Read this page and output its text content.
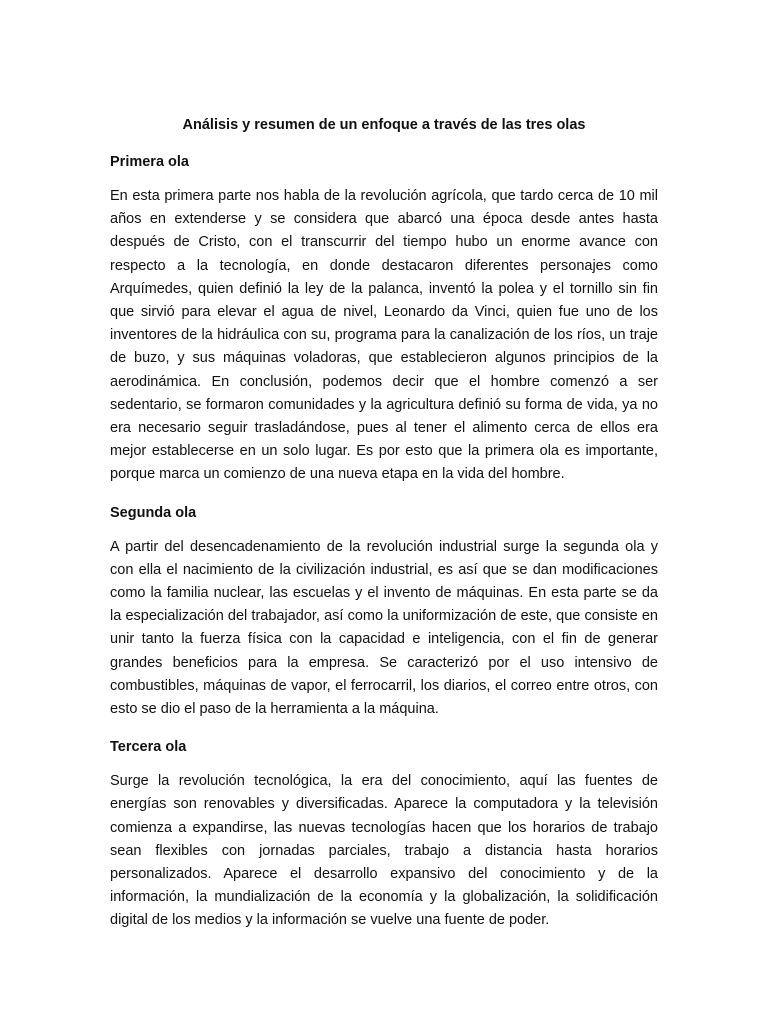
Análisis y resumen de un enfoque a través de las tres olas
Primera ola

En esta primera parte nos habla de la revolución agrícola, que tardo cerca de 10 mil años en extenderse y se considera que abarcó una época desde antes hasta después de Cristo, con el transcurrir del tiempo hubo un enorme avance con respecto a la tecnología, en donde destacaron diferentes personajes como Arquímedes, quien definió la ley de la palanca, inventó la polea y el tornillo sin fin que sirvió para elevar el agua de nivel, Leonardo da Vinci, quien fue uno de los inventores de la hidráulica con su, programa para la canalización de los ríos, un traje de buzo, y sus máquinas voladoras, que establecieron algunos principios de la aerodinámica. En conclusión, podemos decir que el hombre comenzó a ser sedentario, se formaron comunidades y la agricultura definió su forma de vida, ya no era necesario seguir trasladándose, pues al tener el alimento cerca de ellos era mejor establecerse en un solo lugar. Es por esto que la primera ola es importante, porque marca un comienzo de una nueva etapa en la vida del hombre.

Segunda ola

A partir del desencadenamiento de la revolución industrial surge la segunda ola y con ella el nacimiento de la civilización industrial, es así que se dan modificaciones como la familia nuclear, las escuelas y el invento de máquinas. En esta parte se da la especialización del trabajador, así como la uniformización de este, que consiste en unir tanto la fuerza física con la capacidad e inteligencia, con el fin de generar grandes beneficios para la empresa. Se caracterizó por el uso intensivo de combustibles, máquinas de vapor, el ferrocarril, los diarios, el correo entre otros, con esto se dio el paso de la herramienta a la máquina.

Tercera ola

Surge la revolución tecnológica, la era del conocimiento, aquí las fuentes de energías son renovables y diversificadas. Aparece la computadora y la televisión comienza a expandirse, las nuevas tecnologías hacen que los horarios de trabajo sean flexibles con jornadas parciales, trabajo a distancia hasta horarios personalizados. Aparece el desarrollo expansivo del conocimiento y de la información, la mundialización de la economía y la globalización, la solidificación digital de los medios y la información se vuelve una fuente de poder.
